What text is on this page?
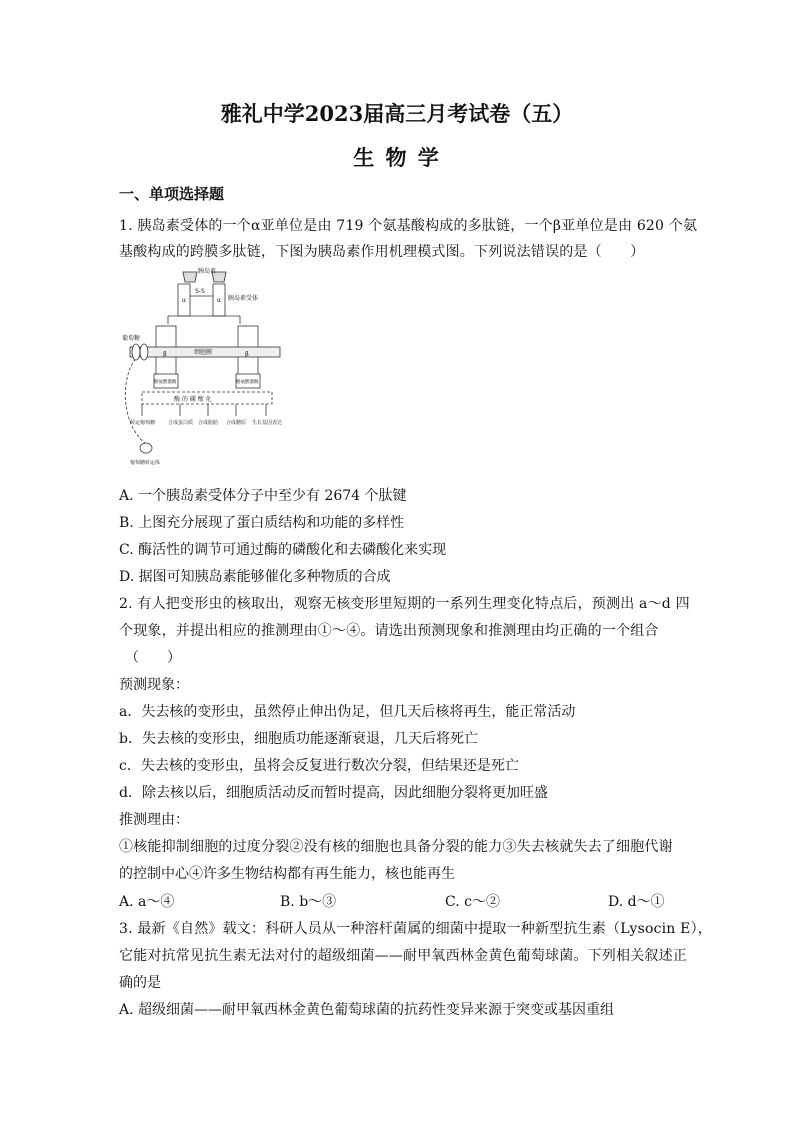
雅礼中学2023届高三月考试卷（五）
生 物 学
一、单项选择题
1. 胰岛素受体的一个α亚单位是由 719 个氨基酸构成的多肽链，一个β亚单位是由 620 个氨
基酸构成的跨膜多肽链，下图为胰岛素作用机理模式图。下列说法错误的是（　　）
胰岛素
胰岛素受体
α	α
S-S
β	β
细胞膜
葡萄糖
酪氨酸激酶	酪氨酸激酶
酶 的 磷 酸 化
转运葡萄糖	合成蛋白质 合成脂肪 合成糖原 生长基因表达
葡萄糖转运体
A. 一个胰岛素受体分子中至少有 2674 个肽键
B. 上图充分展现了蛋白质结构和功能的多样性
C. 酶活性的调节可通过酶的磷酸化和去磷酸化来实现
D. 据图可知胰岛素能够催化多种物质的合成
2. 有人把变形虫的核取出，观察无核变形里短期的一系列生理变化特点后，预测出 a～d 四
个现象，并提出相应的推测理由①～④。请选出预测现象和推测理由均正确的一个组合
（　　）
预测现象：
a．失去核的变形虫，虽然停止伸出伪足，但几天后核将再生，能正常活动
b．失去核的变形虫，细胞质功能逐渐衰退，几天后将死亡
c．失去核的变形虫，虽将会反复进行数次分裂，但结果还是死亡
d．除去核以后，细胞质活动反而暂时提高，因此细胞分裂将更加旺盛
推测理由：
①核能抑制细胞的过度分裂②没有核的细胞也具备分裂的能力③失去核就失去了细胞代谢
的控制中心④许多生物结构都有再生能力，核也能再生
A. a～④	B. b～③	C. c～②	D. d～①
3. 最新《自然》载文：科研人员从一种溶杆菌属的细菌中提取一种新型抗生素（Lysocin E），
它能对抗常见抗生素无法对付的超级细菌——耐甲氧西林金黄色葡萄球菌。下列相关叙述正
确的是
A. 超级细菌——耐甲氧西林金黄色葡萄球菌的抗药性变异来源于突变或基因重组
